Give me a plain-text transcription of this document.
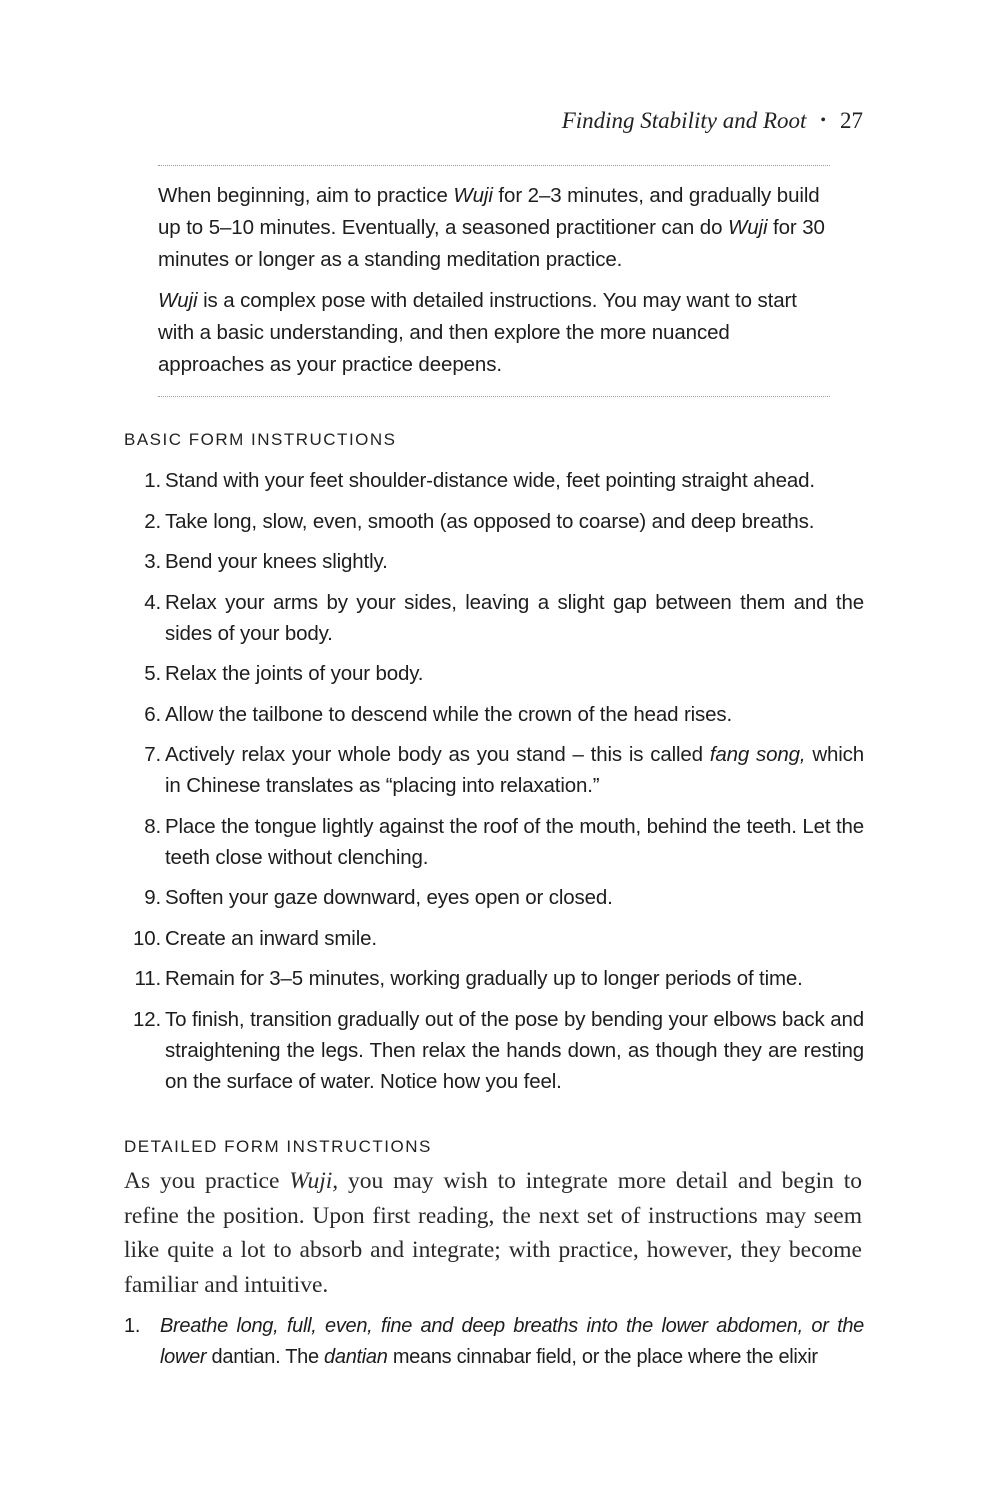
Finding Stability and Root • 27

When beginning, aim to practice Wuji for 2–3 minutes, and gradually build up to 5–10 minutes. Eventually, a seasoned practitioner can do Wuji for 30 minutes or longer as a standing meditation practice.

Wuji is a complex pose with detailed instructions. You may want to start with a basic understanding, and then explore the more nuanced approaches as your practice deepens.

BASIC FORM INSTRUCTIONS
1. Stand with your feet shoulder-distance wide, feet pointing straight ahead.
2. Take long, slow, even, smooth (as opposed to coarse) and deep breaths.
3. Bend your knees slightly.
4. Relax your arms by your sides, leaving a slight gap between them and the sides of your body.
5. Relax the joints of your body.
6. Allow the tailbone to descend while the crown of the head rises.
7. Actively relax your whole body as you stand – this is called fang song, which in Chinese translates as “placing into relaxation.”
8. Place the tongue lightly against the roof of the mouth, behind the teeth. Let the teeth close without clenching.
9. Soften your gaze downward, eyes open or closed.
10. Create an inward smile.
11. Remain for 3–5 minutes, working gradually up to longer periods of time.
12. To finish, transition gradually out of the pose by bending your elbows back and straightening the legs. Then relax the hands down, as though they are resting on the surface of water. Notice how you feel.
DETAILED FORM INSTRUCTIONS

As you practice Wuji, you may wish to integrate more detail and begin to refine the position. Upon first reading, the next set of instructions may seem like quite a lot to absorb and integrate; with practice, however, they become familiar and intuitive.

1. Breathe long, full, even, fine and deep breaths into the lower abdomen, or the lower dantian. The dantian means cinnabar field, or the place where the elixir
